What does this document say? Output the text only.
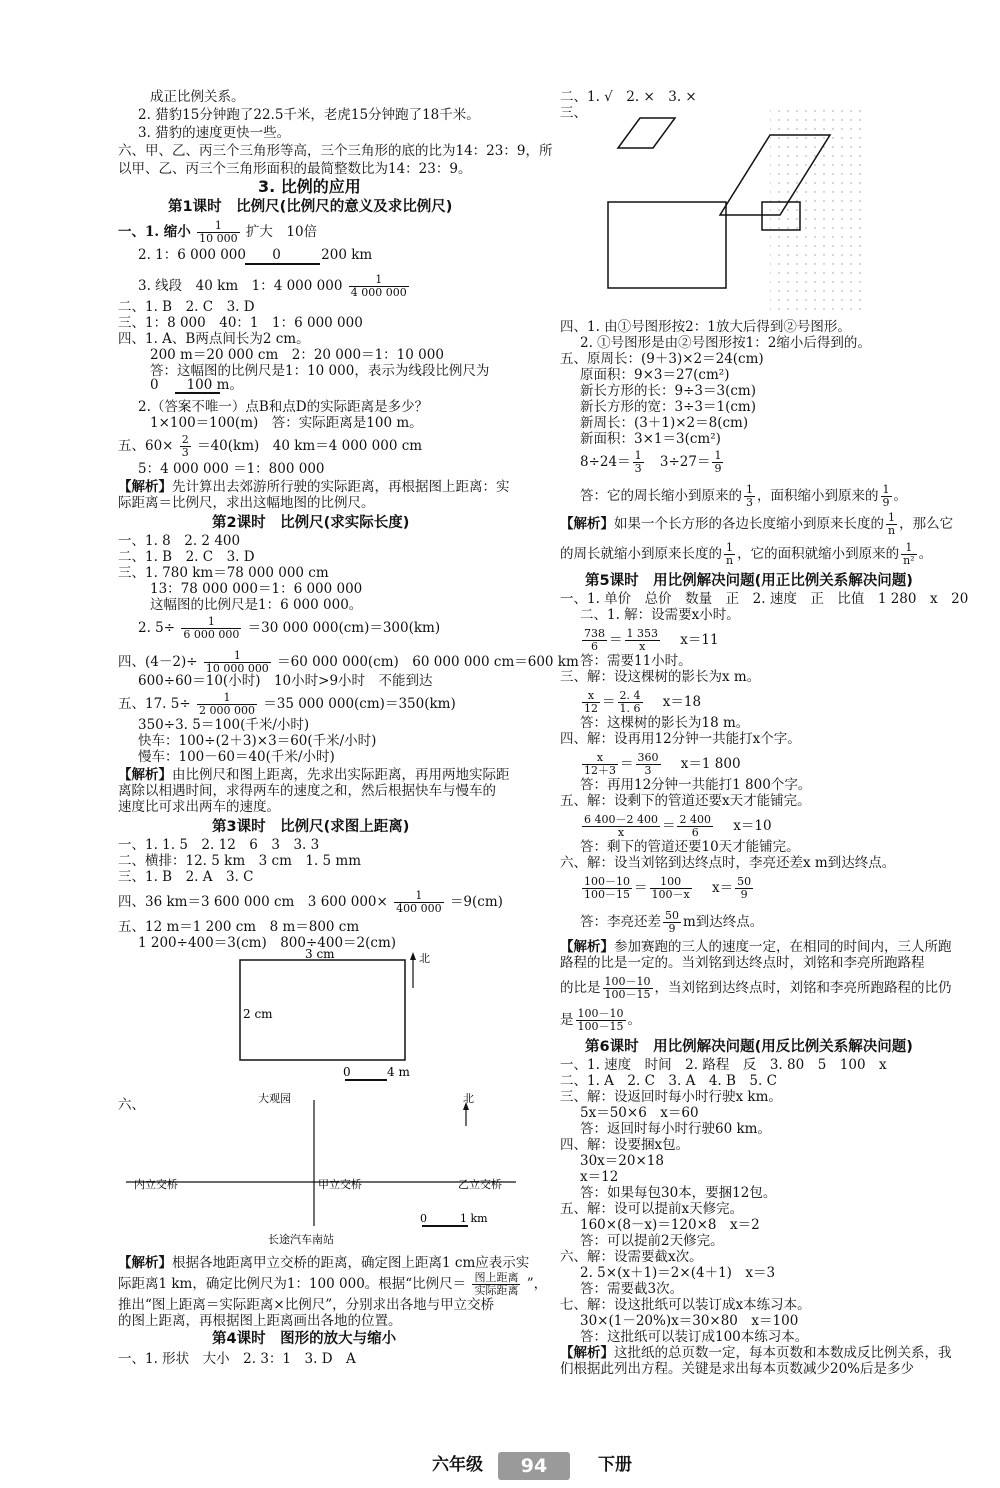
成正比例关系。
2. 猎豹15分钟跑了22.5千米，老虎15分钟跑了18千米。
3. 猎豹的速度更快一些。
六、甲、乙、丙三个三角形等高，三个三角形的底的比为14：23：9，所
以甲、乙、丙三个三角形面积的最简整数比为14：23：9。
3. 比例的应用
第1课时　比例尺(比例尺的意义及求比例尺)
一、1. 缩小 $\frac{1}{10 000}$ 扩大　10倍
2. 1：6 000 000 0	200 km
3. 线段　40 km　1：4 000 $000 \frac{1}{4 000 000}$
二、1. B　2. C　3. D
三、1：8 000　40：1　1：6 000 000
四、1. A、B两点间长为2 cm。
200 m＝20 000 cm　2：20 000＝1：10 000
答：这幅图的比例尺是1：10 000，表示为线段比例尺为
0 100 m。
2.（答案不唯一）点B和点D的实际距离是多少？
1×100＝100(m)　答：实际距离是100 m。
五、$60\times \frac{2}{3} =40(km)$　40 km＝4 000 000 cm
5：4 000 000 ＝1：800 000
【解析】先计算出去郊游所行驶的实际距离，再根据图上距离：实
际距离＝比例尺，求出这幅地图的比例尺。
第2课时　比例尺(求实际长度)
一、1. 8　2. 2 400
二、1. B　2. C　3. D
三、1. 780 km＝78 000 000 cm
13：78 000 000＝1：6 000 000
这幅图的比例尺是1：6 000 000。
2. $5\div \frac{1}{6 000 000} =30$ 000 000(cm)＝300(km)
四、$(4-2)\div \frac{1}{10 000 000} =60$ 000 000(cm)　60 000 000 cm＝600 km
600÷60＝10(小时)　10小时>9小时　不能到达
五、17. $5\div \frac{1}{2 000 000} =35$ 000 000(cm)＝350(km)
350÷3. 5＝100(千米/小时)
快车：100÷(2＋3)×3＝60(千米/小时)
慢车：100－60＝40(千米/小时)
【解析】由比例尺和图上距离，先求出实际距离，再用两地实际距
离除以相遇时间，求得两车的速度之和，然后根据快车与慢车的
速度比可求出两车的速度。
第3课时　比例尺(求图上距离)
一、1. 1. 5　2. 12　6　3　3. 3
二、横排：12. 5 km　3 cm　1. 5 mm
三、1. B　2. A　3. C
四、36 km＝3 600 000 cm　3 600 $000\times \frac{1}{400 000} =9(cm)$
五、12 m＝1 200 cm　8 m＝800 cm
1 200÷400＝3(cm)　800÷400＝2(cm)
3 cm
2 cm
北
0	4 m
六、	大观园
内立交桥	甲立交桥	乙立交桥
长途汽车南站
北
0	1 km
【解析】根据各地距离甲立交桥的距离，确定图上距离1 cm应表示实
际距离1 km，确定比例尺为1：100 000。根据“比例尺＝ $\frac{\text{图上距离}}{\text{实际距离}}$ ”，
推出“图上距离＝实际距离×比例尺”，分别求出各地与甲立交桥
的图上距离，再根据图上距离画出各地的位置。
第4课时　图形的放大与缩小
一、1. 形状　大小　2. 3：1　3. D　A
二、1. √　2. ×　3. ×
三、
四、1. 由①号图形按2：1放大后得到②号图形。
2. ①号图形是由②号图形按1：2缩小后得到的。
五、原周长：(9＋3)×2＝24(cm)
原面积：9×3＝27(cm²)
新长方形的长：9÷3＝3(cm)
新长方形的宽：3÷3＝1(cm)
新周长：(3＋1)×2＝8(cm)
新面积：3×1＝3(cm²)
$8\div 24= \frac{1}{3} 3\div 27= \frac{1}{9}$
答：它的周长缩小到原来的 $\frac{1}{3}$ ，面积缩小到原来的 $\frac{1}{9}$ 。
【解析】如果一个长方形的各边长度缩小到原来长度的 $\frac{1}{n}$ ，那么它
的周长就缩小到原来长度的 $\frac{1}{n}$ ，它的面积就缩小到原来的 $\frac{1}{\text{n²}}$ 。
第5课时　用比例解决问题(用正比例关系解决问题)
一、1. 单价　总价　数量　正　2. 速度　正　比值　1 280　x　20
二、1. 解：设需要x小时。
$\frac{738}{6} = \frac{1 353}{x} x=11$
答：需要11小时。
三、解：设这棵树的影长为x m。
$\frac{x}{12} = \frac{2. 4}{1. 6} x=18$
答：这棵树的影长为18 m。
四、解：设再用12分钟一共能打x个字。
$\frac{x}{12+3} = \frac{360}{3} x=1$ 800
答：再用12分钟一共能打1 800个字。
五、解：设剩下的管道还要x天才能铺完。
$\frac{6 400-2 400}{x} = \frac{2 400}{6} x=10$
答：剩下的管道还要10天才能铺完。
六、解：设当刘铭到达终点时，李亮还差x m到达终点。
$\frac{100-10}{100-15} = \frac{100}{100-x} x= \frac{50}{9}$
答：李亮还差 $\frac{50}{9}$ m到达终点。
【解析】参加赛跑的三人的速度一定，在相同的时间内，三人所跑
路程的比是一定的。当刘铭到达终点时，刘铭和李亮所跑路程
的比是 $\frac{100-10}{100-15}$ ，当刘铭到达终点时，刘铭和李亮所跑路程的比仍
是 $\frac{100-10}{100-15}$ 。
第6课时　用比例解决问题(用反比例关系解决问题)
一、1. 速度　时间　2. 路程　反　3. 80　5　100　x
二、1. A　2. C　3. A　4. B　5. C
三、解：设返回时每小时行驶x km。
5x＝50×6　x＝60
答：返回时每小时行驶60 km。
四、解：设要捆x包。
30x＝20×18
x＝12
答：如果每包30本，要捆12包。
五、解：设可以提前x天修完。
160×(8－x)＝120×8　x＝2
答：可以提前2天修完。
六、解：设需要截x次。
2. 5×(x＋1)＝2×(4＋1)　x＝3
答：需要截3次。
七、解：设这批纸可以装订成x本练习本。
30×(1－20%)x＝30×80　x＝100
答：这批纸可以装订成100本练习本。
【解析】这批纸的总页数一定，每本页数和本数成反比例关系，我
们根据此列出方程。关键是求出每本页数减少20%后是多少
六年级	94	下册
